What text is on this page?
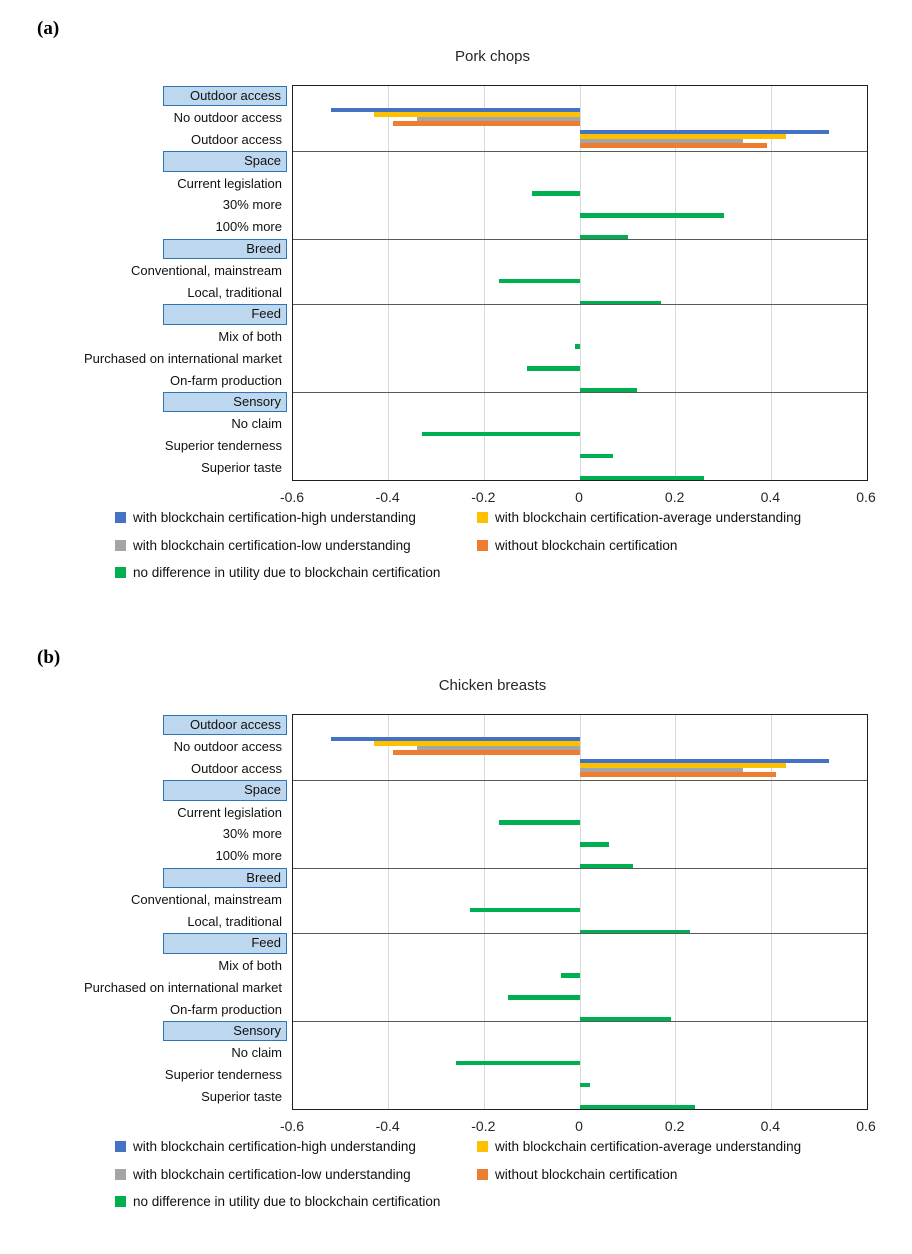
(a)
Pork chops
Outdoor access
No outdoor access
Outdoor access
Space
Current legislation
30% more
100% more
Breed
Conventional, mainstream
Local, traditional
Feed
Mix of both
Purchased on international market
On-farm production
Sensory
No claim
Superior tenderness
Superior taste
-0.6	-0.4	-0.2	0	0.2	0.4	0.6
with blockchain certification-high understanding	with blockchain certification-average understanding
with blockchain certification-low understanding	without blockchain certification
no difference in utility due to blockchain certification
(b)
Chicken breasts
Outdoor access
No outdoor access
Outdoor access
Space
Current legislation
30% more
100% more
Breed
Conventional, mainstream
Local, traditional
Feed
Mix of both
Purchased on international market
On-farm production
Sensory
No claim
Superior tenderness
Superior taste
-0.6	-0.4	-0.2	0	0.2	0.4	0.6
with blockchain certification-high understanding	with blockchain certification-average understanding
with blockchain certification-low understanding	without blockchain certification
no difference in utility due to blockchain certification
